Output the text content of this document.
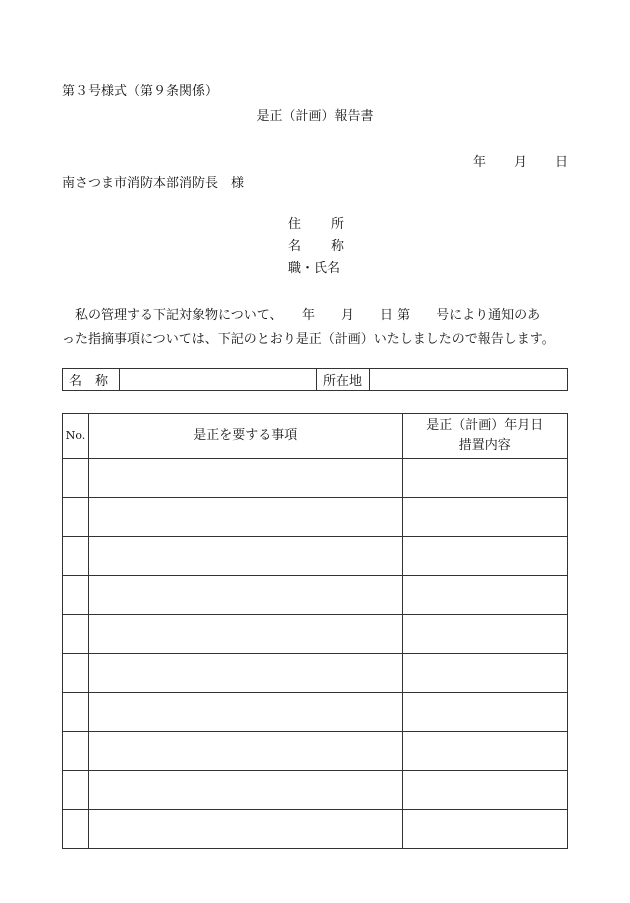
第３号様式（第９条関係）
是正（計画）報告書
年 月 日
南さつま市消防本部消防長　様
住 所
名 称
職・氏名
　私の管理する下記対象物について、　　年　　月　　日 第　　号により通知のあ
った指摘事項については、下記のとおり是正（計画）いたしましたので報告します。
名　称		所在地	
No.	是正を要する事項	是正（計画）年月日
措置内容
